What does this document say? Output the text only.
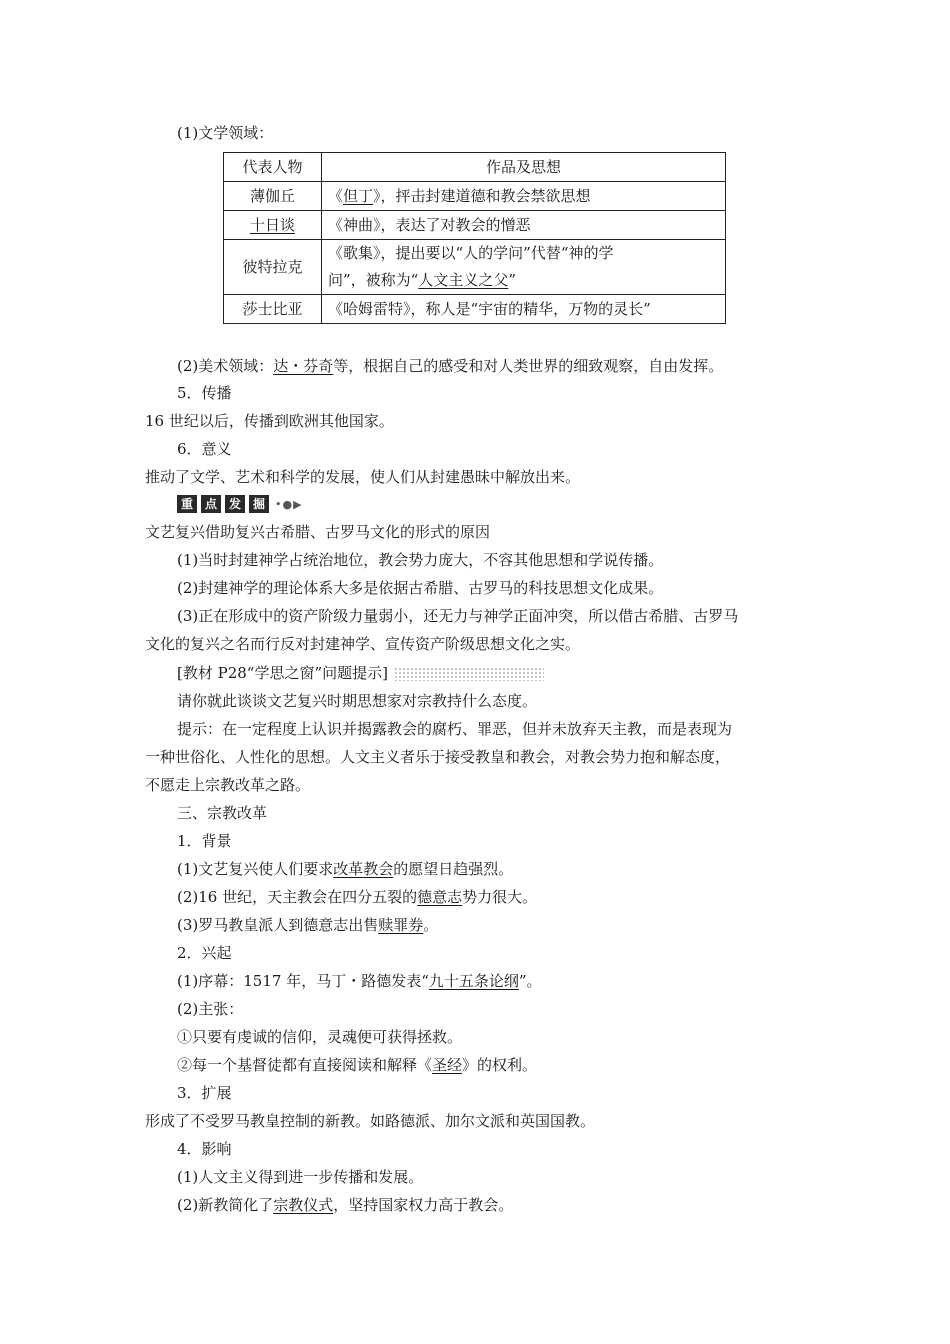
(1)文学领域：
代表人物	作品及思想
薄伽丘	《但丁》，抨击封建道德和教会禁欲思想
十日谈	《神曲》，表达了对教会的憎恶
彼特拉克	《歌集》，提出要以“人的学问”代替“神的学
问”，被称为“人文主义之父”

莎士比亚	《哈姆雷特》，称人是“宇宙的精华，万物的灵长”
(2)美术领域：达・芬奇等，根据自己的感受和对人类世界的细致观察，自由发挥。
5．传播
16 世纪以后，传播到欧洲其他国家。
6．意义
推动了文学、艺术和科学的发展，使人们从封建愚昧中解放出来。
重 点 发 掘 •●▶
文艺复兴借助复兴古希腊、古罗马文化的形式的原因
(1)当时封建神学占统治地位，教会势力庞大，不容其他思想和学说传播。
(2)封建神学的理论体系大多是依据古希腊、古罗马的科技思想文化成果。
(3)正在形成中的资产阶级力量弱小，还无力与神学正面冲突，所以借古希腊、古罗马
文化的复兴之名而行反对封建神学、宣传资产阶级思想文化之实。
[教材 P28“学思之窗”问题提示]
请你就此谈谈文艺复兴时期思想家对宗教持什么态度。
提示：在一定程度上认识并揭露教会的腐朽、罪恶，但并未放弃天主教，而是表现为
一种世俗化、人性化的思想。人文主义者乐于接受教皇和教会，对教会势力抱和解态度，
不愿走上宗教改革之路。
三、宗教改革
1．背景
(1)文艺复兴使人们要求改革教会的愿望日趋强烈。
(2)16 世纪，天主教会在四分五裂的德意志势力很大。
(3)罗马教皇派人到德意志出售赎罪券。
2．兴起
(1)序幕：1517 年，马丁・路德发表“九十五条论纲”。
(2)主张：
①只要有虔诚的信仰，灵魂便可获得拯救。
②每一个基督徒都有直接阅读和解释《圣经》的权利。
3．扩展
形成了不受罗马教皇控制的新教。如路德派、加尔文派和英国国教。
4．影响
(1)人文主义得到进一步传播和发展。
(2)新教简化了宗教仪式，坚持国家权力高于教会。
